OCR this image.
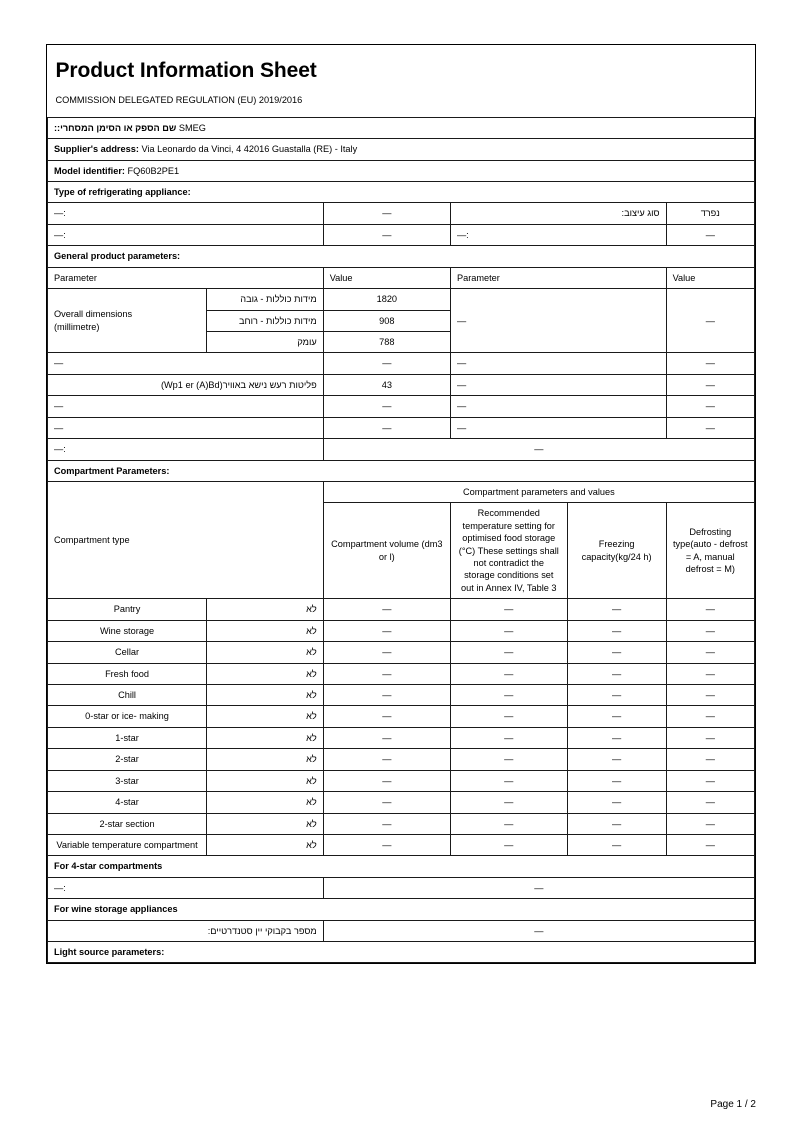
Product Information Sheet
COMMISSION DELEGATED REGULATION (EU) 2019/2016					

שם הספק או הסימן המסחרי:: SMEG					
Supplier's address: Via Leonardo da Vinci, 4 42016 Guastalla (RE) - Italy					
Model identifier: FQ60B2PE1					
Type of refrigerating appliance:					
—:		—	סוג עיצוב:		נפרד
—:		—	—:		—
General product parameters:					
Parameter		Value	Parameter		Value

Overall dimensions
(millimetre)	מידות כוללות - גובה	1820	—		—
	מידות כוללות - רוחב	908			
	עומק	788			
—		—	—		—
פליטות רעש נישא באוויר(dB(A) re 1pW)		43	—		—
—		—	—		—
—		—	—		—
—:		—			
Compartment Parameters:					
Compartment type		Compartment parameters and values			
		Compartment volume (dm3 or l)	Recommended temperature setting for optimised food storage (°C) These settings shall not contradict the storage conditions set out in Annex IV, Table 3	Freezing capacity(kg/24 h)	Defrosting type(auto - defrost = A, manual defrost = M)
Pantry	לא	—	—	—	—
Wine storage	לא	—	—	—	—
Cellar	לא	—	—	—	—
Fresh food	לא	—	—	—	—
Chill	לא	—	—	—	—
0-star or ice- making	לא	—	—	—	—
1-star	לא	—	—	—	—
2-star	לא	—	—	—	—
3-star	לא	—	—	—	—
4-star	לא	—	—	—	—
2-star section	לא	—	—	—	—
Variable temperature compartment	לא	—	—	—	—
For 4-star compartments					
—:		—			
For wine storage appliances					
מספר בקבוקי יין סטנדרטיים:		—			
Light source parameters:					
Page 1 / 2
